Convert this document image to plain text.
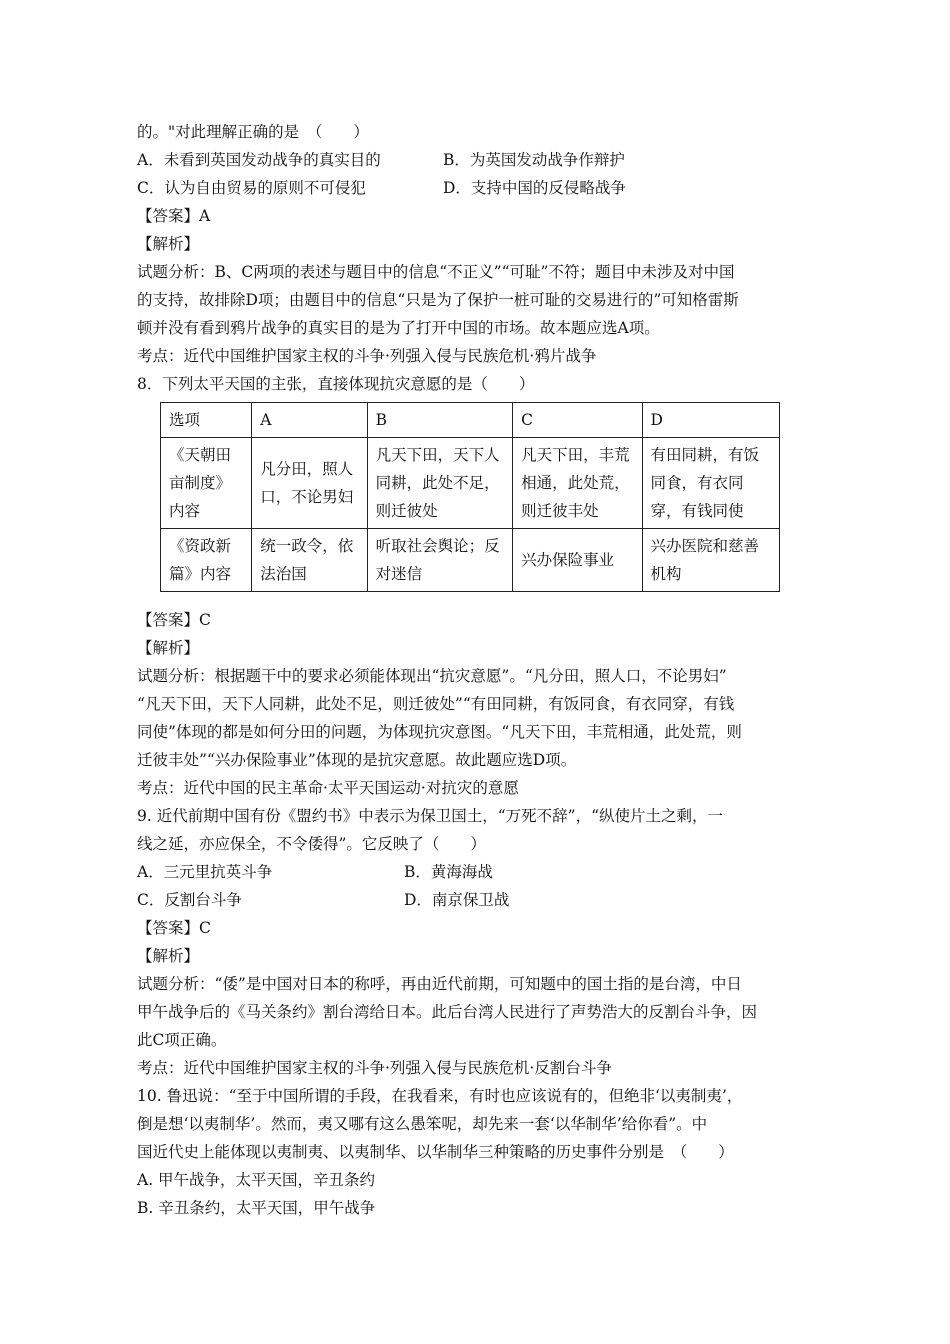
的。"对此理解正确的是　（　　）
A．未看到英国发动战争的真实目的	B．为英国发动战争作辩护
C．认为自由贸易的原则不可侵犯	D．支持中国的反侵略战争
【答案】A
【解析】
试题分析：B、C两项的表述与题目中的信息“不正义”“可耻”不符；题目中未涉及对中国
的支持，故排除D项；由题目中的信息“只是为了保护一桩可耻的交易进行的”可知格雷斯
顿并没有看到鸦片战争的真实目的是为了打开中国的市场。故本题应选A项。
考点：近代中国维护国家主权的斗争·列强入侵与民族危机·鸦片战争
8．下列太平天国的主张，直接体现抗灾意愿的是（　　）
选项	A	B	C	D
《天朝田亩制度》内容	凡分田，照人口，不论男妇	凡天下田，天下人同耕，此处不足，则迁彼处	凡天下田，丰荒相通，此处荒，则迁彼丰处	有田同耕，有饭同食，有衣同穿，有钱同使
《资政新篇》内容	统一政令，依法治国	听取社会舆论；反对迷信	兴办保险事业	兴办医院和慈善机构
【答案】C
【解析】
试题分析：根据题干中的要求必须能体现出“抗灾意愿”。“凡分田，照人口，不论男妇”
“凡天下田，天下人同耕，此处不足，则迁彼处”“有田同耕，有饭同食，有衣同穿，有钱
同使”体现的都是如何分田的问题，为体现抗灾意图。“凡天下田，丰荒相通，此处荒，则
迁彼丰处”“兴办保险事业”体现的是抗灾意愿。故此题应选D项。
考点：近代中国的民主革命·太平天国运动·对抗灾的意愿
9. 近代前期中国有份《盟约书》中表示为保卫国土，“万死不辞”，“纵使片土之剩，一
线之延，亦应保全，不令倭得”。它反映了（　　）
A．三元里抗英斗争	B．黄海海战
C．反割台斗争	D．南京保卫战
【答案】C
【解析】
试题分析：“倭”是中国对日本的称呼，再由近代前期，可知题中的国土指的是台湾，中日
甲午战争后的《马关条约》割台湾给日本。此后台湾人民进行了声势浩大的反割台斗争，因
此C项正确。
考点：近代中国维护国家主权的斗争·列强入侵与民族危机·反割台斗争
10. 鲁迅说：“至于中国所谓的手段，在我看来，有时也应该说有的，但绝非‘以夷制夷’，
倒是想‘以夷制华’。然而，夷又哪有这么愚笨呢，却先来一套‘以华制华’给你看”。中
国近代史上能体现以夷制夷、以夷制华、以华制华三种策略的历史事件分别是　（　　）
A. 甲午战争，太平天国，辛丑条约
B. 辛丑条约，太平天国，甲午战争
